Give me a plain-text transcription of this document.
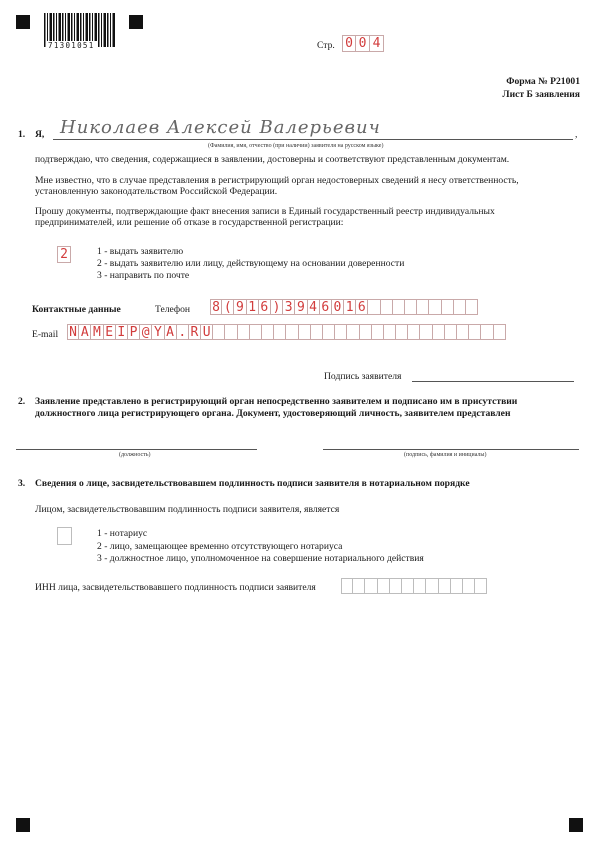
71301051	Стр. 0 0 4
Форма № Р21001
Лист Б заявления
1. Я, Николаев Алексей Валерьевич	,
(Фамилия, имя, отчество (при наличии) заявителя на русском языке)
подтверждаю, что сведения, содержащиеся в заявлении, достоверны и соответствуют представленным документам.
Мне известно, что в случае представления в регистрирующий орган недостоверных сведений я несу ответственность,
установленную законодательством Российской Федерации.
Прошу документы, подтверждающие факт внесения записи в Единый государственный реестр индивидуальных
предпринимателей, или решение об отказе в государственной регистрации:
2	1 - выдать заявителю
2 - выдать заявителю или лицу, действующему на основании доверенности
3 - направить по почте
Контактные данные	Телефон 8 ( 9 1 6 ) 3 9 4 6 0 1 6
E-mail N A M E I P @ Y A . R U
Подпись заявителя
2. Заявление представлено в регистрирующий орган непосредственно заявителем и подписано им в присутствии
должностного лица регистрирующего органа. Документ, удостоверяющий личность, заявителем представлен
(должность)	(подпись, фамилия и инициалы)
3. Сведения о лице, засвидетельствовавшем подлинность подписи заявителя в нотариальном порядке
Лицом, засвидетельствовавшим подлинность подписи заявителя, является
1 - нотариус
2 - лицо, замещающее временно отсутствующего нотариуса
3 - должностное лицо, уполномоченное на совершение нотариального действия
ИНН лица, засвидетельствовавшего подлинность подписи заявителя
